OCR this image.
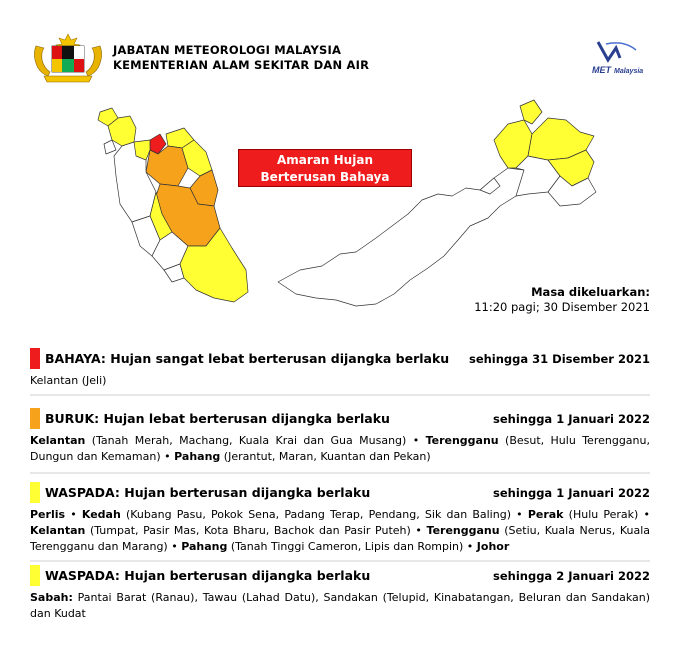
JABATAN METEOROLOGI MALAYSIA
KEMENTERIAN ALAM SEKITAR DAN AIR	MET Malaysia
Amaran Hujan
Berterusan Bahaya
Masa dikeluarkan:
11:20 pagi; 30 Disember 2021
BAHAYA: Hujan sangat lebat berterusan dijangka berlaku sehingga 31 Disember 2021
Kelantan (Jeli)
BURUK: Hujan lebat berterusan dijangka berlaku	sehingga 1 Januari 2022
Kelantan (Tanah Merah, Machang, Kuala Krai dan Gua Musang) • Terengganu (Besut, Hulu Terengganu, Dungun dan Kemaman) • Pahang (Jerantut, Maran, Kuantan dan Pekan)
WASPADA: Hujan berterusan dijangka berlaku	sehingga 1 Januari 2022
Perlis • Kedah (Kubang Pasu, Pokok Sena, Padang Terap, Pendang, Sik dan Baling) • Perak (Hulu Perak) • Kelantan (Tumpat, Pasir Mas, Kota Bharu, Bachok dan Pasir Puteh) • Terengganu (Setiu, Kuala Nerus, Kuala Terengganu dan Marang) • Pahang (Tanah Tinggi Cameron, Lipis dan Rompin) • Johor
WASPADA: Hujan berterusan dijangka berlaku	sehingga 2 Januari 2022
Sabah: Pantai Barat (Ranau), Tawau (Lahad Datu), Sandakan (Telupid, Kinabatangan, Beluran dan Sandakan) dan Kudat
